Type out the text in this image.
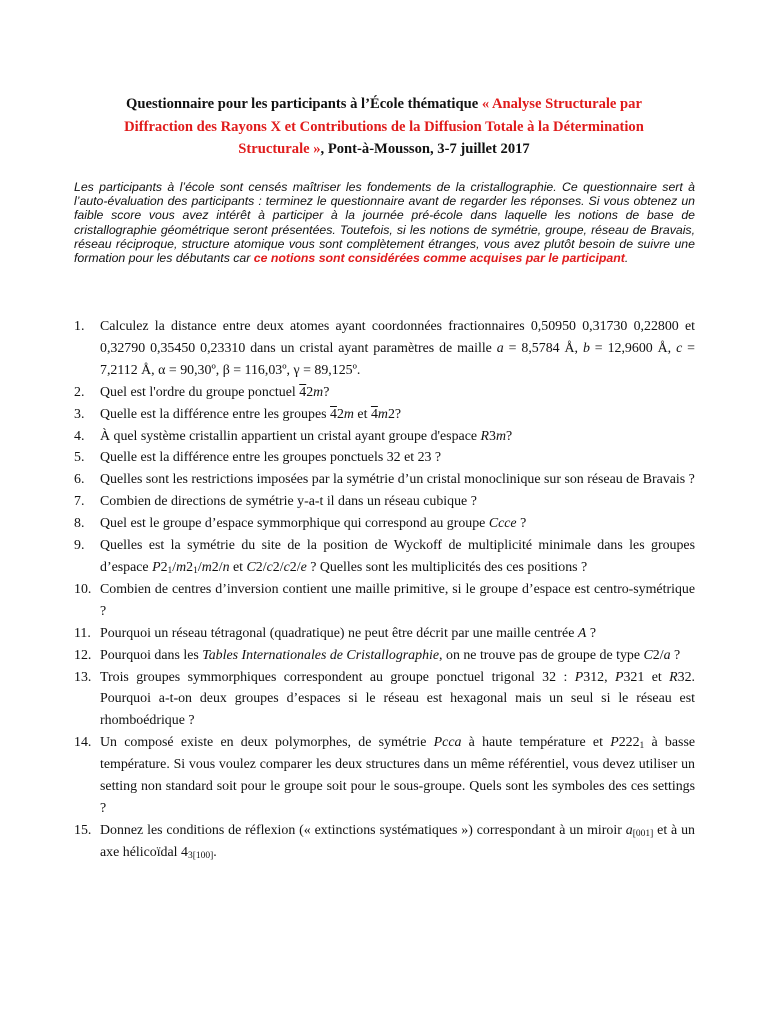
Questionnaire pour les participants à l’École thématique « Analyse Structurale par Diffraction des Rayons X et Contributions de la Diffusion Totale à la Détermination Structurale », Pont-à-Mousson, 3-7 juillet 2017
Les participants à l’école sont censés maîtriser les fondements de la cristallographie. Ce questionnaire sert à l’auto-évaluation des participants : terminez le questionnaire avant de regarder les réponses. Si vous obtenez un faible score vous avez intérêt à participer à la journée pré-école dans laquelle les notions de base de cristallographie géométrique seront présentées. Toutefois, si les notions de symétrie, groupe, réseau de Bravais, réseau réciproque, structure atomique vous sont complètement étranges, vous avez plutôt besoin de suivre une formation pour les débutants car ce notions sont considérées comme acquises par le participant.
1. Calculez la distance entre deux atomes ayant coordonnées fractionnaires 0,50950 0,31730 0,22800 et 0,32790 0,35450 0,23310 dans un cristal ayant paramètres de maille a = 8,5784 Å, b = 12,9600 Å, c = 7,2112 Å, α = 90,30º, β = 116,03º, γ = 89,125º.
2. Quel est l'ordre du groupe ponctuel 42m?
3. Quelle est la différence entre les groupes 42m et 4m2?
4. À quel système cristallin appartient un cristal ayant groupe d'espace R3m?
5. Quelle est la différence entre les groupes ponctuels 32 et 23 ?
6. Quelles sont les restrictions imposées par la symétrie d’un cristal monoclinique sur son réseau de Bravais ?
7. Combien de directions de symétrie y-a-t il dans un réseau cubique ?
8. Quel est le groupe d’espace symmorphique qui correspond au groupe Ccce ?
9. Quelles est la symétrie du site de la position de Wyckoff de multiplicité minimale dans les groupes d’espace $P2_1/m2_1/m2/n$ et C2/c2/c2/e ? Quelles sont les multiplicités des ces positions ?
10. Combien de centres d’inversion contient une maille primitive, si le groupe d’espace est centro-symétrique ?
11. Pourquoi un réseau tétragonal (quadratique) ne peut être décrit par une maille centrée A ?
12. Pourquoi dans les Tables Internationales de Cristallographie, on ne trouve pas de groupe de type C2/a ?
13. Trois groupes symmorphiques correspondent au groupe ponctuel trigonal 32 : P312, P321 et R32. Pourquoi a-t-on deux groupes d’espaces si le réseau est hexagonal mais un seul si le réseau est rhomboédrique ?
14. Un composé existe en deux polymorphes, de symétrie Pcca à haute température et $P222_1$ à basse température. Si vous voulez comparer les deux structures dans un même référentiel, vous devez utiliser un setting non standard soit pour le groupe soit pour le sous-groupe. Quels sont les symboles des ces settings ?
15. Donnez les conditions de réflexion (« extinctions systématiques ») correspondant à un miroir $a_{[001]}$ et à un axe hélicoïdal $4_{3[100]}$.
